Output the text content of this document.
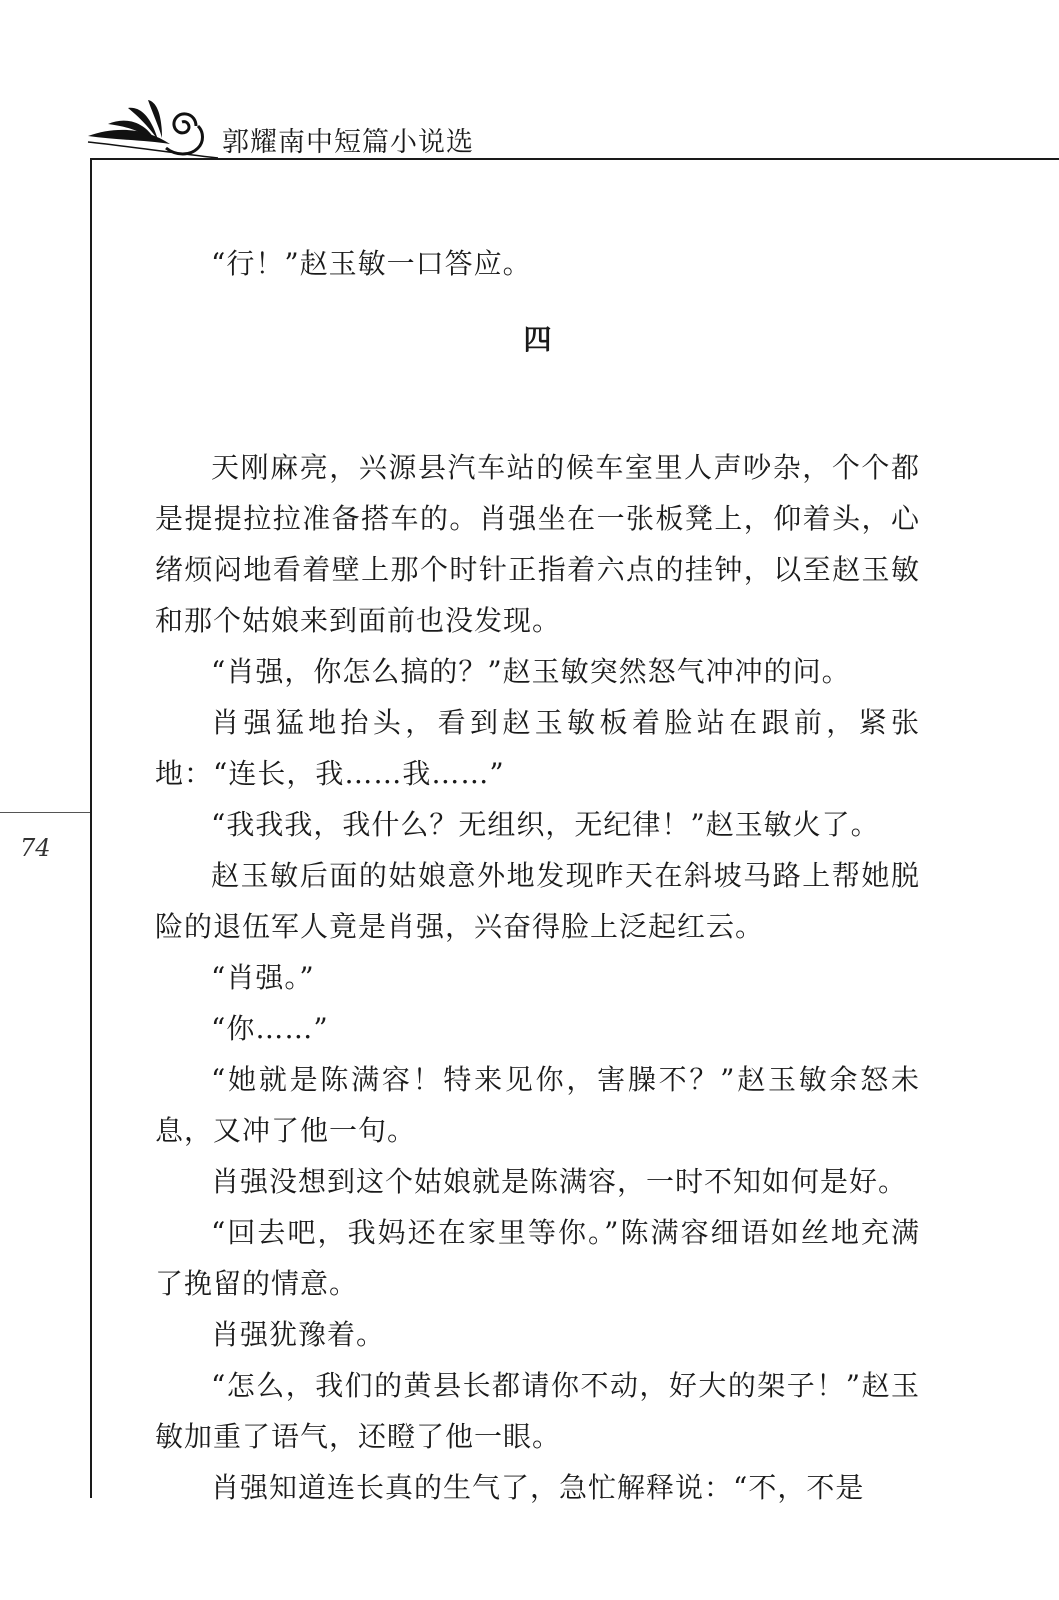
郭耀南中短篇小说选
74

“行！”赵玉敏一口答应。

四

天刚麻亮，兴源县汽车站的候车室里人声吵杂，个个都是提提拉拉准备搭车的。肖强坐在一张板凳上，仰着头，心绪烦闷地看着壁上那个时针正指着六点的挂钟，以至赵玉敏和那个姑娘来到面前也没发现。

“肖强，你怎么搞的？”赵玉敏突然怒气冲冲的问。

肖强猛地抬头，看到赵玉敏板着脸站在跟前，紧张地：“连长，我……我……”

“我我我，我什么？无组织，无纪律！”赵玉敏火了。

赵玉敏后面的姑娘意外地发现昨天在斜坡马路上帮她脱险的退伍军人竟是肖强，兴奋得脸上泛起红云。

“肖强。”

“你……”

“她就是陈满容！特来见你，害臊不？”赵玉敏余怒未息，又冲了他一句。

肖强没想到这个姑娘就是陈满容，一时不知如何是好。

“回去吧，我妈还在家里等你。”陈满容细语如丝地充满了挽留的情意。

肖强犹豫着。

“怎么，我们的黄县长都请你不动，好大的架子！”赵玉敏加重了语气，还瞪了他一眼。

肖强知道连长真的生气了，急忙解释说：“不，不是
